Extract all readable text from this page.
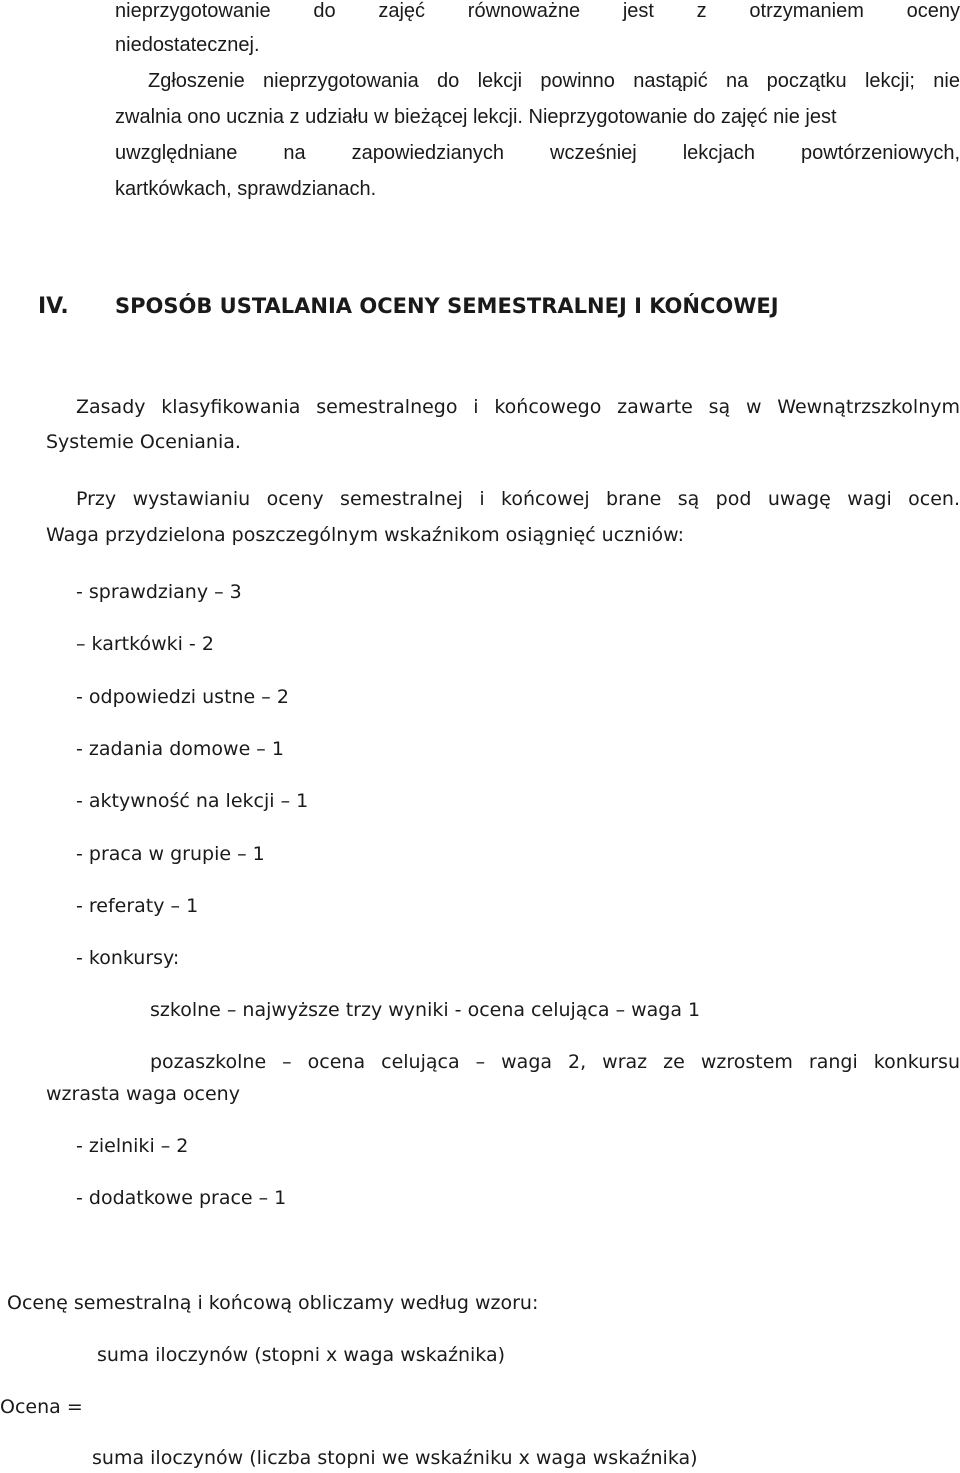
nieprzygotowanie do zajęć równoważne jest z otrzymaniem oceny
niedostatecznej.
Zgłoszenie nieprzygotowania do lekcji powinno nastąpić na początku lekcji; nie
zwalnia ono ucznia z udziału w bieżącej lekcji. Nieprzygotowanie do zajęć nie jest
uwzględniane na zapowiedzianych wcześniej lekcjach powtórzeniowych,
kartkówkach, sprawdzianach.
IV. SPOSÓB USTALANIA OCENY SEMESTRALNEJ I KOŃCOWEJ
Zasady klasyfikowania semestralnego i końcowego zawarte są w Wewnątrzszkolnym
Systemie Oceniania.
Przy wystawianiu oceny semestralnej i końcowej brane są pod uwagę wagi ocen.
Waga przydzielona poszczególnym wskaźnikom osiągnięć uczniów:
- sprawdziany – 3
– kartkówki - 2
- odpowiedzi ustne – 2
- zadania domowe – 1
- aktywność na lekcji – 1
- praca w grupie – 1
- referaty – 1
- konkursy:
szkolne – najwyższe trzy wyniki - ocena celująca – waga 1
pozaszkolne – ocena celująca – waga 2, wraz ze wzrostem rangi konkursu
wzrasta waga oceny
- zielniki – 2
- dodatkowe prace – 1
Ocenę semestralną i końcową obliczamy według wzoru:
suma iloczynów (stopni x waga wskaźnika)
Ocena =
suma iloczynów (liczba stopni we wskaźniku x waga wskaźnika)
